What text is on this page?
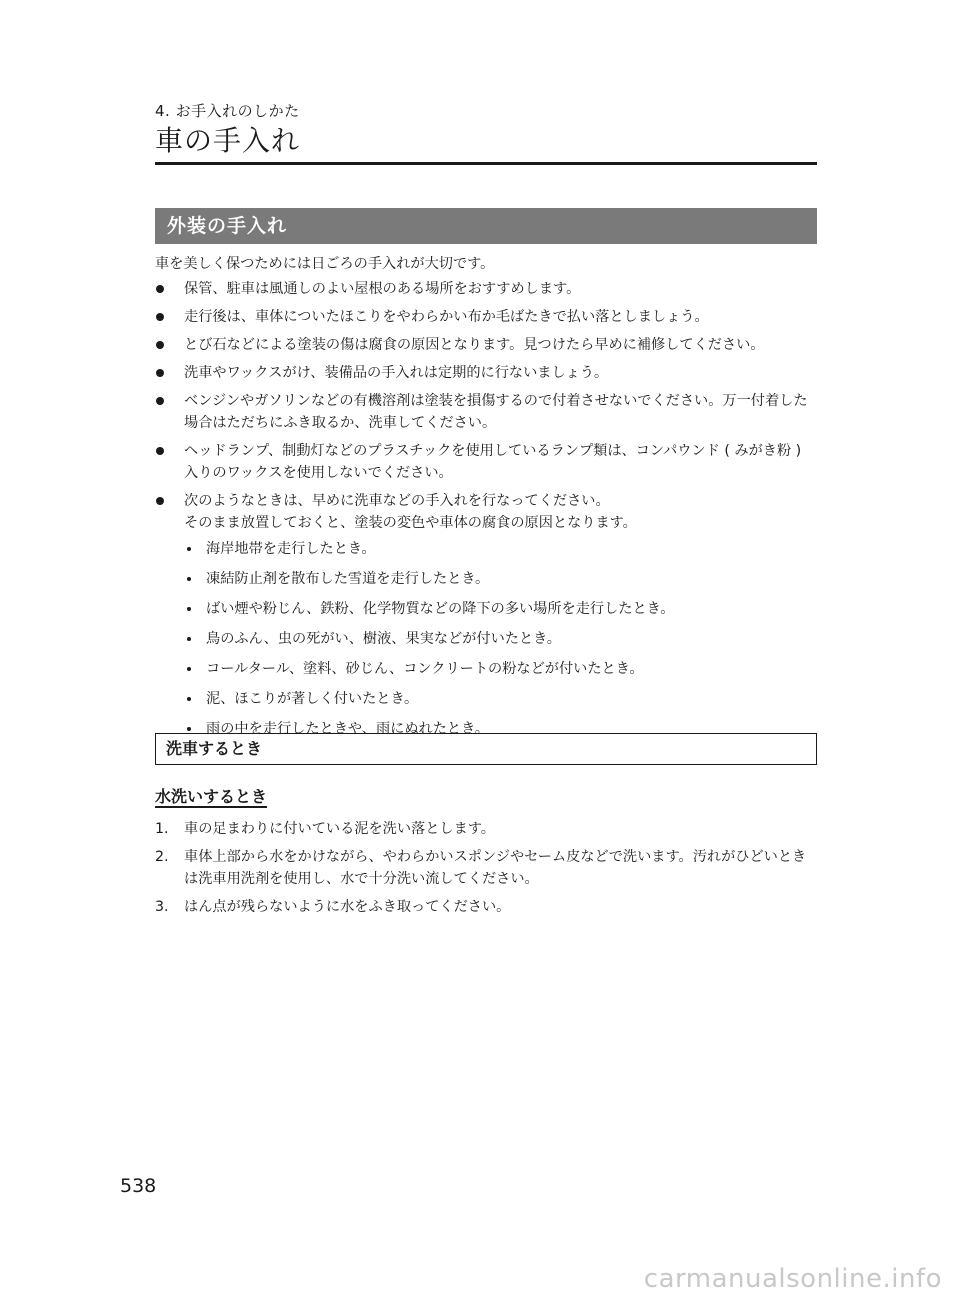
4. お手入れのしかた
車の手入れ
外装の手入れ

車を美しく保つためには日ごろの手入れが大切です。

保管、駐車は風通しのよい屋根のある場所をおすすめします。
走行後は、車体についたほこりをやわらかい布か毛ばたきで払い落としましょう。
とび石などによる塗装の傷は腐食の原因となります。見つけたら早めに補修してください。
洗車やワックスがけ、装備品の手入れは定期的に行ないましょう。
ベンジンやガソリンなどの有機溶剤は塗装を損傷するので付着させないでください。万一付着した場合はただちにふき取るか、洗車してください。
ヘッドランプ、制動灯などのプラスチックを使用しているランプ類は、コンパウンド ( みがき粉 ) 入りのワックスを使用しないでください。
次のようなときは、早めに洗車などの手入れを行なってください。
そのまま放置しておくと、塗装の変色や車体の腐食の原因となります。
海岸地帯を走行したとき。
凍結防止剤を散布した雪道を走行したとき。
ばい煙や粉じん、鉄粉、化学物質などの降下の多い場所を走行したとき。
鳥のふん、虫の死がい、樹液、果実などが付いたとき。
コールタール、塗料、砂じん、コンクリートの粉などが付いたとき。
泥、ほこりが著しく付いたとき。
雨の中を走行したときや、雨にぬれたとき。
洗車するとき
水洗いするとき
1. 車の足まわりに付いている泥を洗い落とします。
2. 車体上部から水をかけながら、やわらかいスポンジやセーム皮などで洗います。汚れがひどいときは洗車用洗剤を使用し、水で十分洗い流してください。
3. はん点が残らないように水をふき取ってください。
538
carmanualsonline.info
